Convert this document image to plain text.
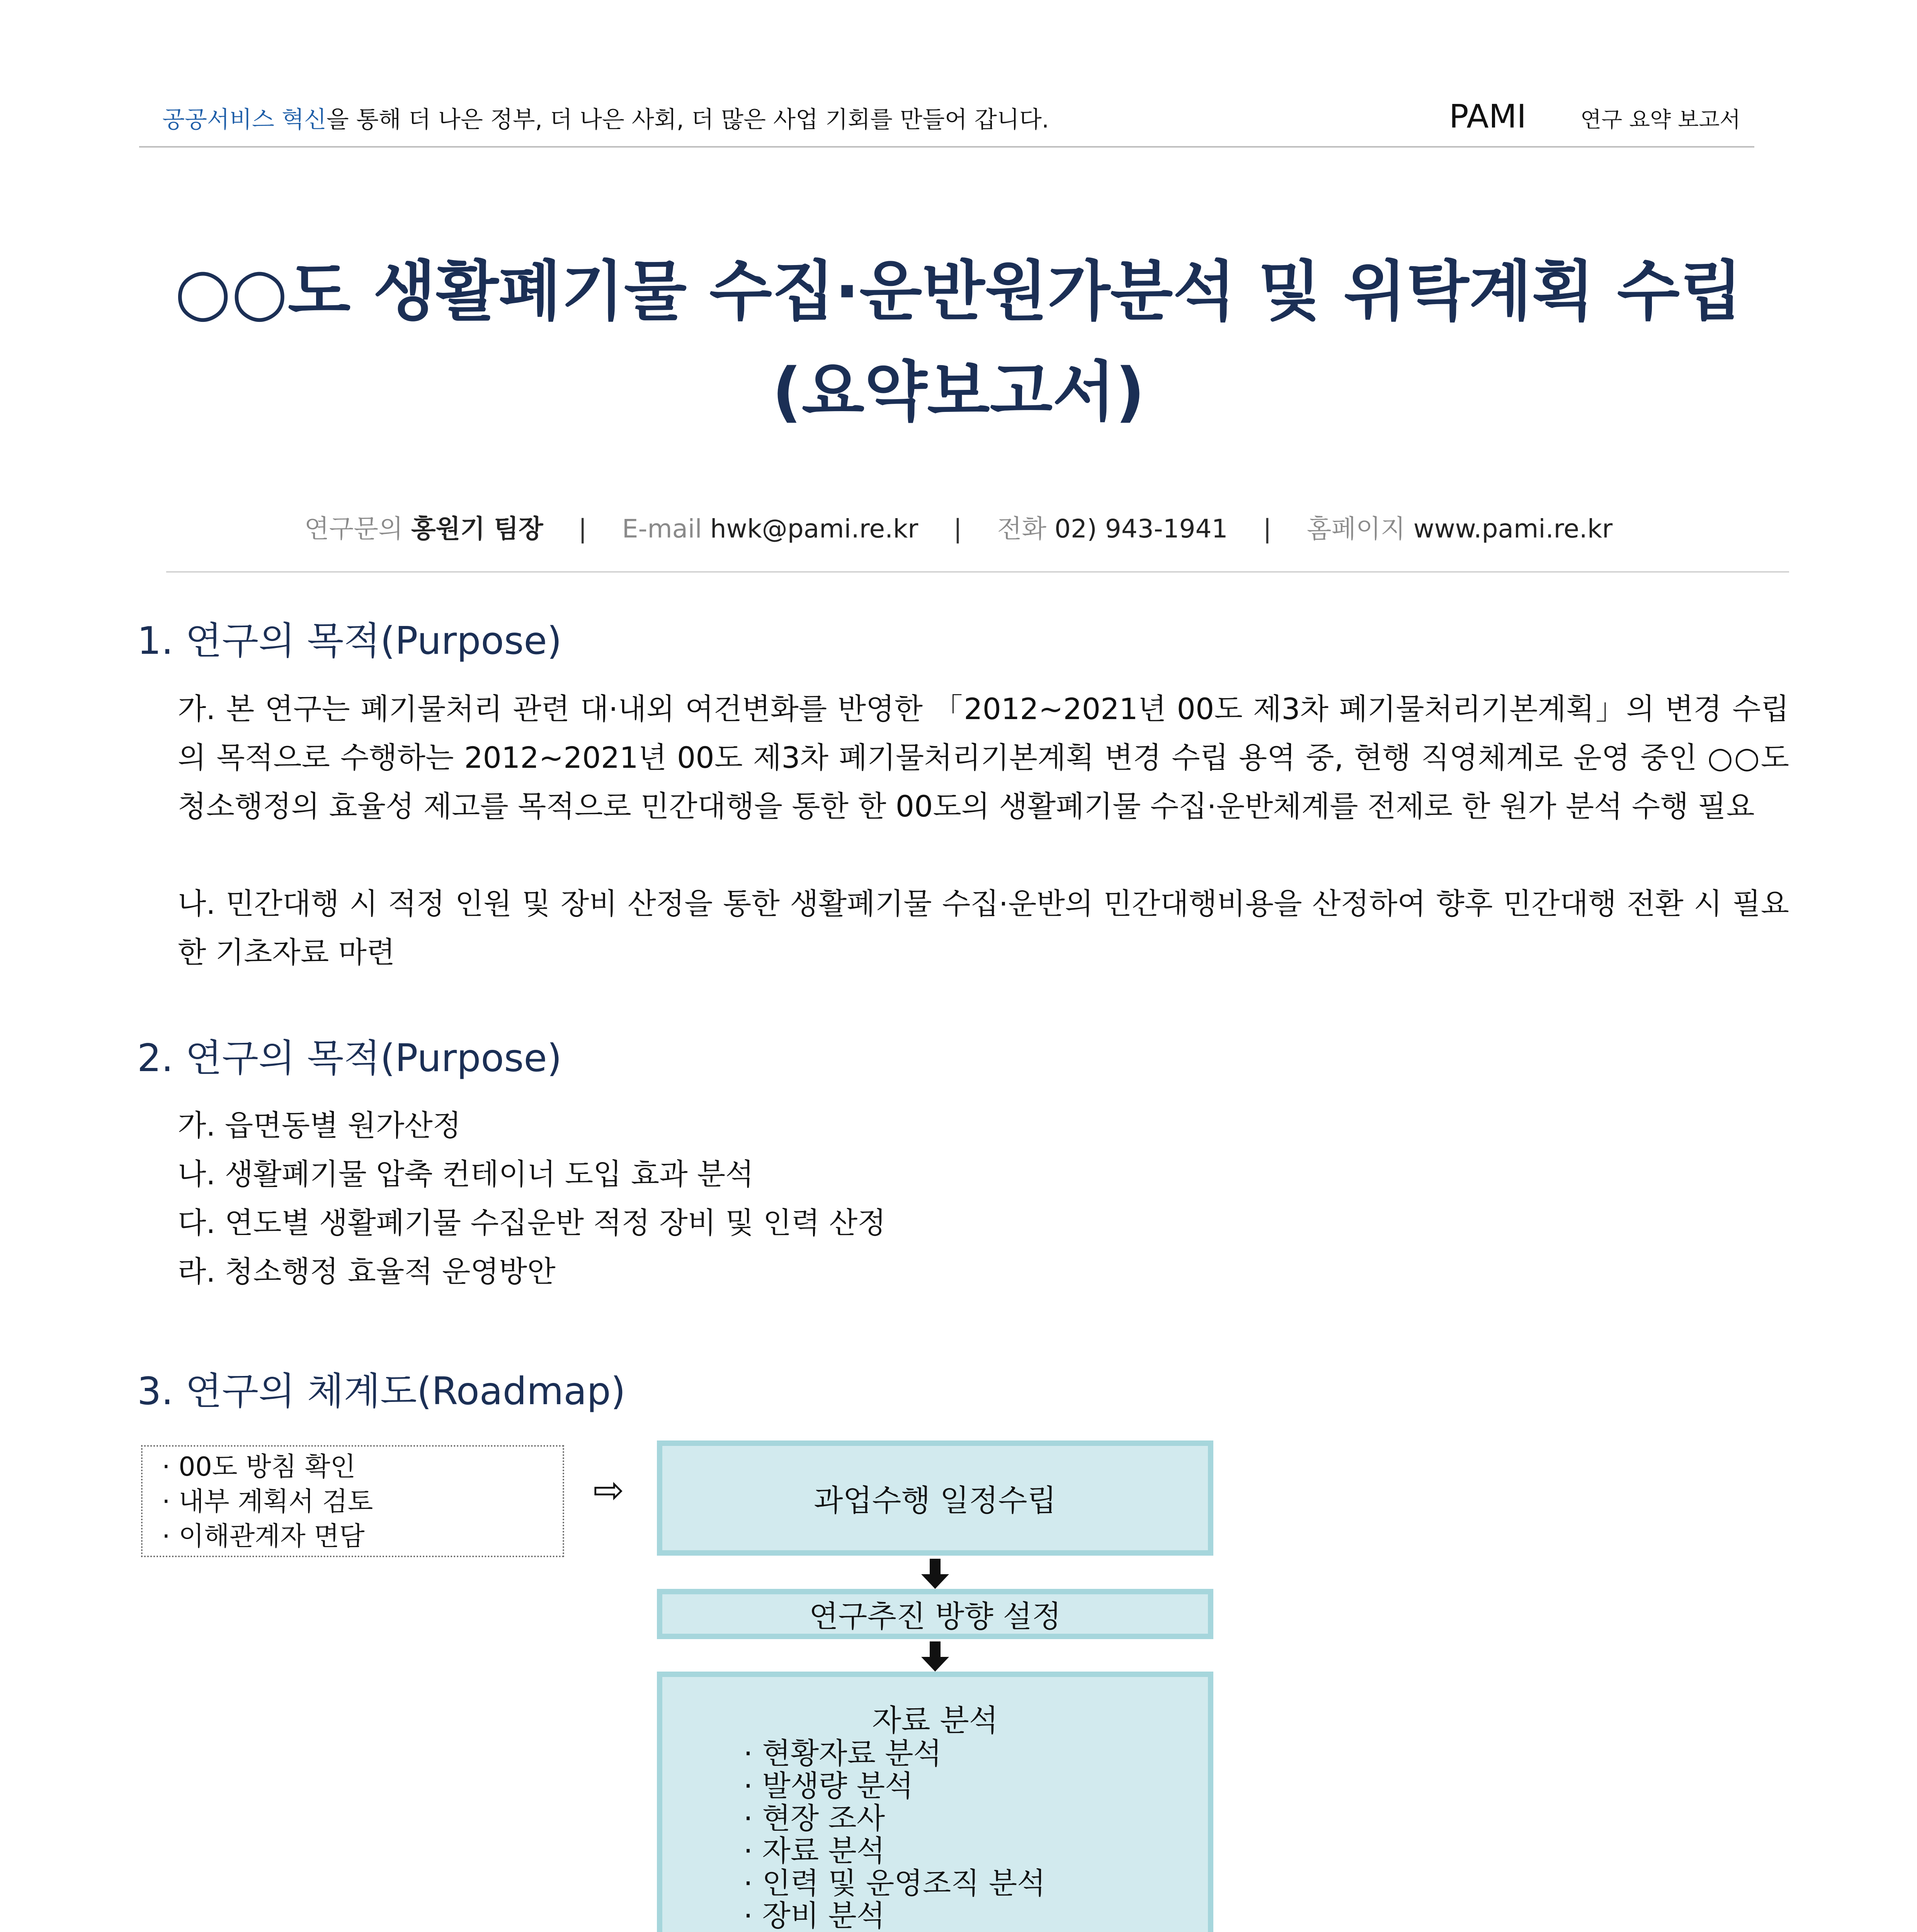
공공서비스 혁신을 통해 더 나은 정부, 더 나은 사회, 더 많은 사업 기회를 만들어 갑니다.	PAMI	연구 요약 보고서
○○도 생활폐기물 수집·운반원가분석 및 위탁계획 수립
(요약보고서)
연구문의 홍원기 팀장 | E-mail hwk@pami.re.kr | 전화 02) 943-1941 | 홈페이지 www.pami.re.kr
1. 연구의 목적(Purpose)
가. 본 연구는 폐기물처리 관련 대·내외 여건변화를 반영한 「2012~2021년 00도 제3차 폐기물처리기본계획」의 변경 수립의 목적으로 수행하는 2012~2021년 00도 제3차 폐기물처리기본계획 변경 수립 용역 중, 현행 직영체계로 운영 중인 ○○도 청소행정의 효율성 제고를 목적으로 민간대행을 통한 한 00도의 생활폐기물 수집·운반체계를 전제로 한 원가 분석 수행 필요
나. 민간대행 시 적정 인원 및 장비 산정을 통한 생활폐기물 수집·운반의 민간대행비용을 산정하여 향후 민간대행 전환 시 필요한 기초자료 마련
2. 연구의 목적(Purpose)
가. 읍면동별 원가산정
나. 생활폐기물 압축 컨테이너 도입 효과 분석
다. 연도별 생활폐기물 수집운반 적정 장비 및 인력 산정
라. 청소행정 효율적 운영방안
3. 연구의 체계도(Roadmap)
· 00도 방침 확인
· 내부 계획서 검토
· 이해관계자 면담
⇨	과업수행 일정수립
연구추진 방향 설정
자료 분석
· 현황자료 분석
· 발생량 분석
· 현장 조사
· 자료 분석
· 인력 및 운영조직 분석
· 장비 분석
